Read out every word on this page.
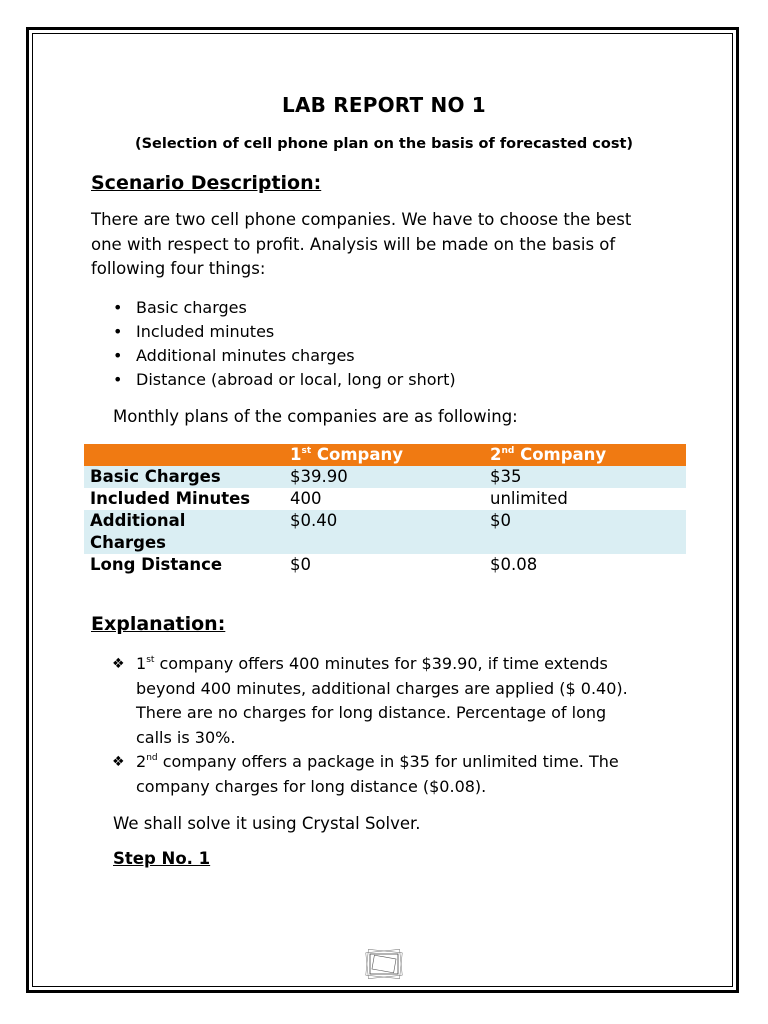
LAB REPORT NO 1
(Selection of cell phone plan on the basis of forecasted cost)
Scenario Description:
There are two cell phone companies. We have to choose the best
one with respect to profit. Analysis will be made on the basis of
following four things:
• Basic charges
• Included minutes
• Additional minutes charges
• Distance (abroad or local, long or short)
Monthly plans of the companies are as following:
	1st Company	2nd Company
Basic Charges	$39.90	$35
Included Minutes	400	unlimited

Additional
Charges	$0.40	$0
Long Distance	$0	$0.08
Explanation:
❖ 1st company offers 400 minutes for $39.90, if time extends
beyond 400 minutes, additional charges are applied ($ 0.40).
There are no charges for long distance. Percentage of long
calls is 30%.
❖ 2nd company offers a package in $35 for unlimited time. The
company charges for long distance ($0.08).
We shall solve it using Crystal Solver.
Step No. 1
